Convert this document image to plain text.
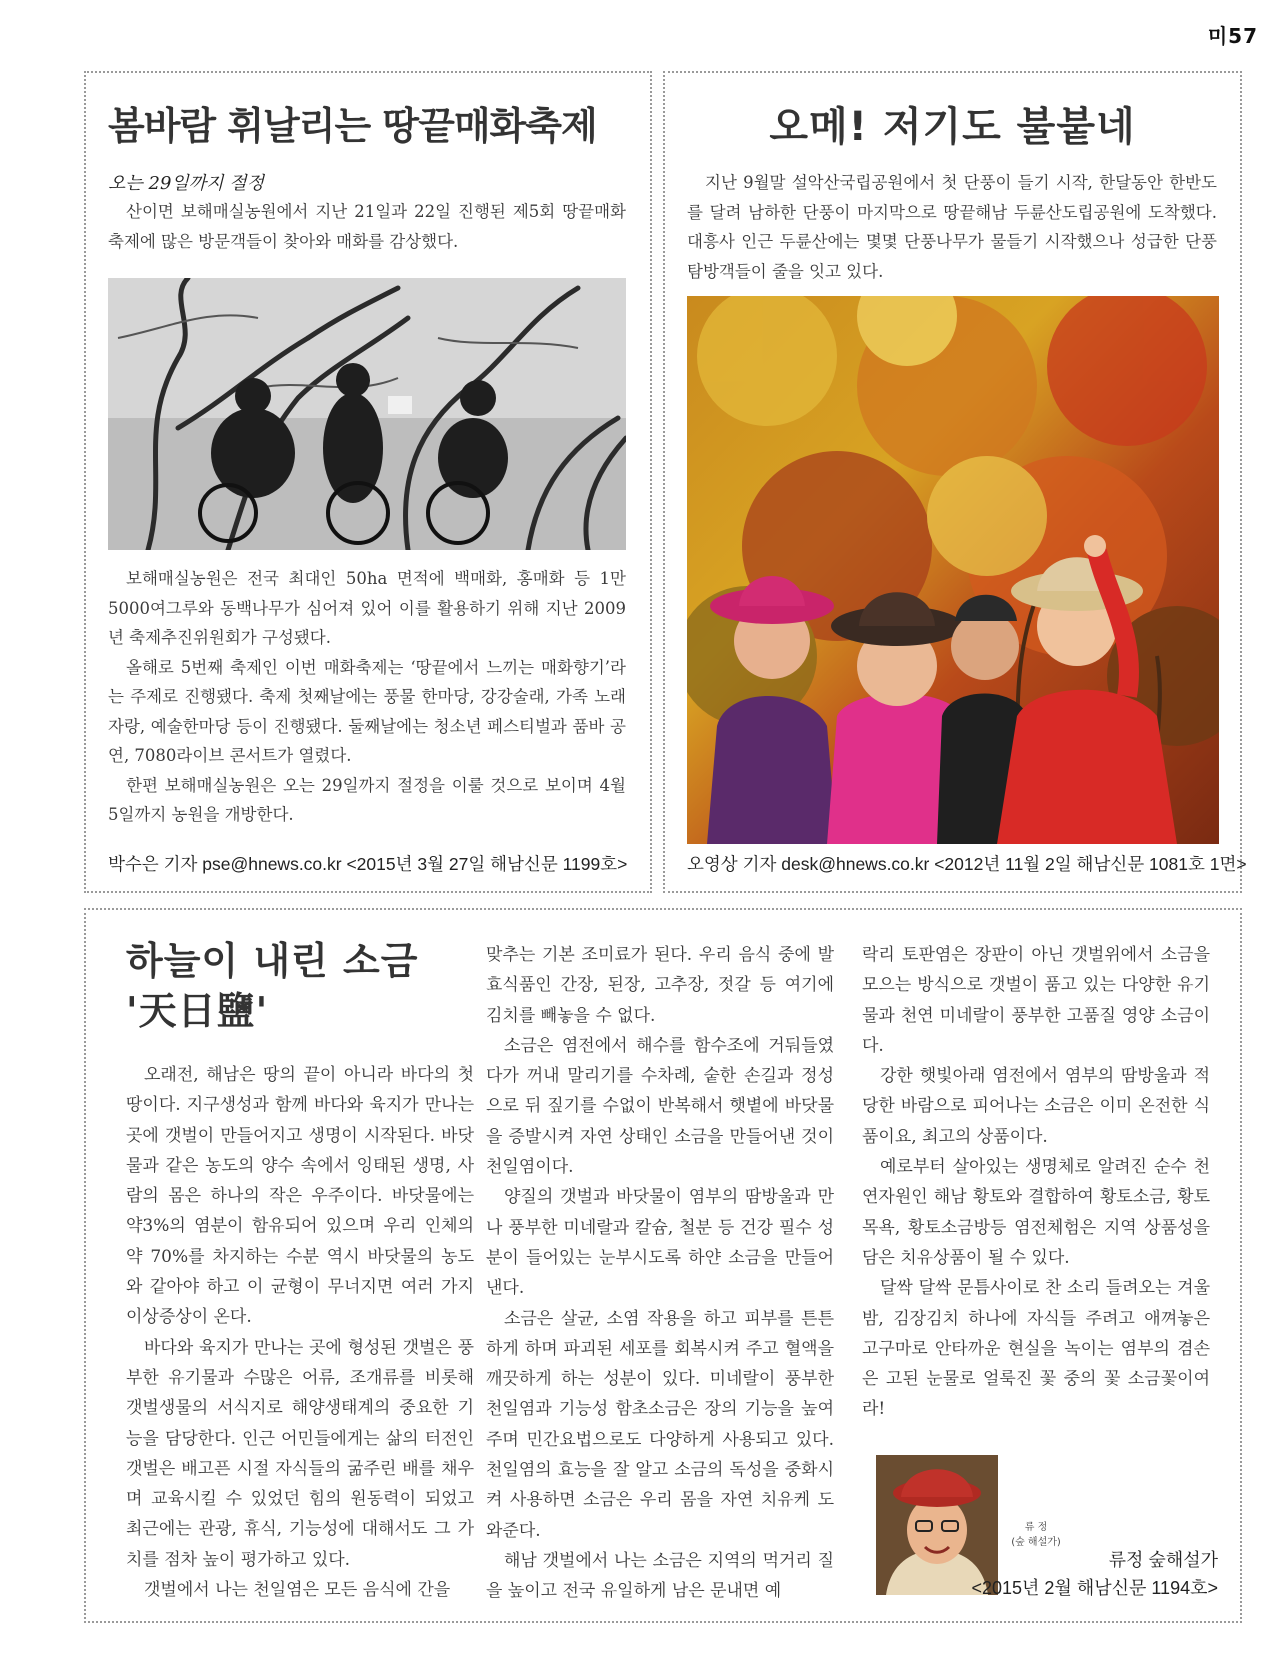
미57
봄바람 휘날리는 땅끝매화축제
오는 29일까지 절정

산이면 보해매실농원에서 지난 21일과 22일 진행된 제5회 땅끝매화축제에 많은 방문객들이 찾아와 매화를 감상했다.

보해매실농원은 전국 최대인 50ha 면적에 백매화, 홍매화 등 1만5000여그루와 동백나무가 심어져 있어 이를 활용하기 위해 지난 2009년 축제추진위원회가 구성됐다.

올해로 5번째 축제인 이번 매화축제는 ‘땅끝에서 느끼는 매화향기’라는 주제로 진행됐다. 축제 첫째날에는 풍물 한마당, 강강술래, 가족 노래자랑, 예술한마당 등이 진행됐다. 둘째날에는 청소년 페스티벌과 품바 공연, 7080라이브 콘서트가 열렸다.

한편 보해매실농원은 오는 29일까지 절정을 이룰 것으로 보이며 4월 5일까지 농원을 개방한다.

박수은 기자 pse@hnews.co.kr <2015년 3월 27일 해남신문 1199호>
오메! 저기도 불붙네

지난 9월말 설악산국립공원에서 첫 단풍이 들기 시작, 한달동안 한반도를 달려 남하한 단풍이 마지막으로 땅끝해남 두륜산도립공원에 도착했다. 대흥사 인근 두륜산에는 몇몇 단풍나무가 물들기 시작했으나 성급한 단풍 탐방객들이 줄을 잇고 있다.

오영상 기자 desk@hnews.co.kr <2012년 11월 2일 해남신문 1081호 1면>
하늘이 내린 소금
'天日鹽'

오래전, 해남은 땅의 끝이 아니라 바다의 첫 땅이다. 지구생성과 함께 바다와 육지가 만나는 곳에 갯벌이 만들어지고 생명이 시작된다. 바닷물과 같은 농도의 양수 속에서 잉태된 생명, 사람의 몸은 하나의 작은 우주이다. 바닷물에는 약3%의 염분이 함유되어 있으며 우리 인체의 약 70%를 차지하는 수분 역시 바닷물의 농도와 같아야 하고 이 균형이 무너지면 여러 가지 이상증상이 온다.

바다와 육지가 만나는 곳에 형성된 갯벌은 풍부한 유기물과 수많은 어류, 조개류를 비롯해 갯벌생물의 서식지로 해양생태계의 중요한 기능을 담당한다. 인근 어민들에게는 삶의 터전인 갯벌은 배고픈 시절 자식들의 굶주린 배를 채우며 교육시킬 수 있었던 힘의 원동력이 되었고 최근에는 관광, 휴식, 기능성에 대해서도 그 가치를 점차 높이 평가하고 있다.

갯벌에서 나는 천일염은 모든 음식에 간을

맞추는 기본 조미료가 된다. 우리 음식 중에 발효식품인 간장, 된장, 고추장, 젓갈 등 여기에 김치를 빼놓을 수 없다.

소금은 염전에서 해수를 함수조에 거둬들였다가 꺼내 말리기를 수차례, 숱한 손길과 정성으로 뒤 짚기를 수없이 반복해서 햇볕에 바닷물을 증발시켜 자연 상태인 소금을 만들어낸 것이 천일염이다.

양질의 갯벌과 바닷물이 염부의 땀방울과 만나 풍부한 미네랄과 칼슘, 철분 등 건강 필수 성분이 들어있는 눈부시도록 하얀 소금을 만들어낸다.

소금은 살균, 소염 작용을 하고 피부를 튼튼하게 하며 파괴된 세포를 회복시켜 주고 혈액을 깨끗하게 하는 성분이 있다. 미네랄이 풍부한 천일염과 기능성 함초소금은 장의 기능을 높여 주며 민간요법으로도 다양하게 사용되고 있다. 천일염의 효능을 잘 알고 소금의 독성을 중화시켜 사용하면 소금은 우리 몸을 자연 치유케 도와준다.

해남 갯벌에서 나는 소금은 지역의 먹거리 질을 높이고 전국 유일하게 남은 문내면 예

락리 토판염은 장판이 아닌 갯벌위에서 소금을 모으는 방식으로 갯벌이 품고 있는 다양한 유기물과 천연 미네랄이 풍부한 고품질 영양 소금이다.

강한 햇빛아래 염전에서 염부의 땀방울과 적당한 바람으로 피어나는 소금은 이미 온전한 식품이요, 최고의 상품이다.

예로부터 살아있는 생명체로 알려진 순수 천연자원인 해남 황토와 결합하여 황토소금, 황토목욕, 황토소금방등 염전체험은 지역 상품성을 담은 치유상품이 될 수 있다.

달싹 달싹 문틈사이로 찬 소리 들려오는 겨울 밤, 김장김치 하나에 자식들 주려고 애껴놓은 고구마로 안타까운 현실을 녹이는 염부의 겸손은 고된 눈물로 얼룩진 꽃 중의 꽃 소금꽃이여라!

류 정
(숲 해설가)
류정 숲해설가
<2015년 2월 해남신문 1194호>
